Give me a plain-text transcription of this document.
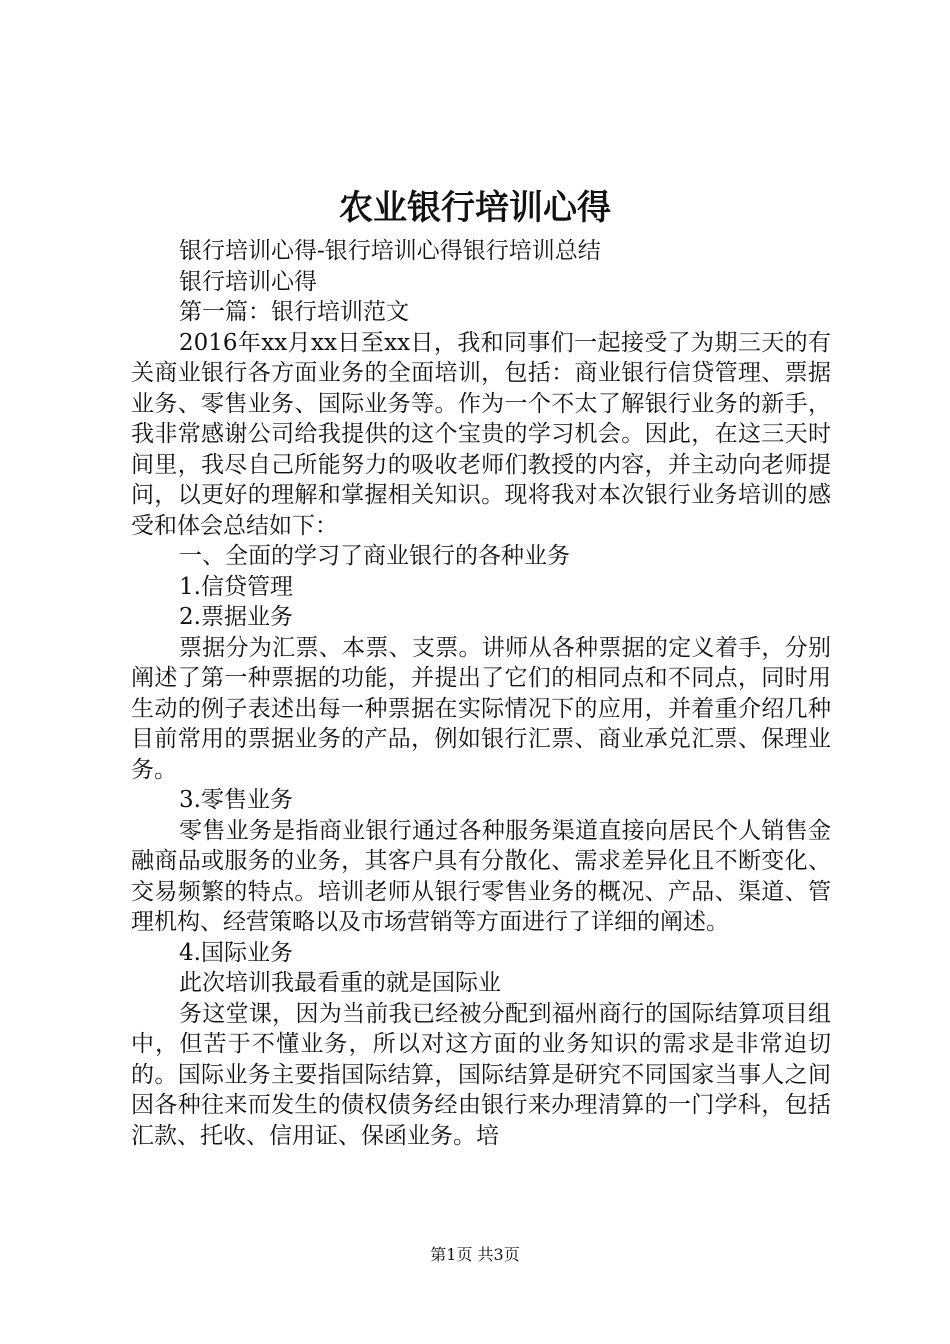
农业银行培训心得

银行培训心得-银行培训心得银行培训总结

银行培训心得

第一篇：银行培训范文

2016年xx月xx日至xx日，我和同事们一起接受了为期三天的有关商业银行各方面业务的全面培训，包括：商业银行信贷管理、票据业务、零售业务、国际业务等。作为一个不太了解银行业务的新手，我非常感谢公司给我提供的这个宝贵的学习机会。因此，在这三天时间里，我尽自己所能努力的吸收老师们教授的内容，并主动向老师提问，以更好的理解和掌握相关知识。现将我对本次银行业务培训的感受和体会总结如下：

一、全面的学习了商业银行的各种业务

1.信贷管理

2.票据业务

票据分为汇票、本票、支票。讲师从各种票据的定义着手，分别阐述了第一种票据的功能，并提出了它们的相同点和不同点，同时用生动的例子表述出每一种票据在实际情况下的应用，并着重介绍几种目前常用的票据业务的产品，例如银行汇票、商业承兑汇票、保理业务。

3.零售业务

零售业务是指商业银行通过各种服务渠道直接向居民个人销售金融商品或服务的业务，其客户具有分散化、需求差异化且不断变化、交易频繁的特点。培训老师从银行零售业务的概况、产品、渠道、管理机构、经营策略以及市场营销等方面进行了详细的阐述。

4.国际业务

此次培训我最看重的就是国际业

务这堂课，因为当前我已经被分配到福州商行的国际结算项目组中，但苦于不懂业务，所以对这方面的业务知识的需求是非常迫切的。国际业务主要指国际结算，国际结算是研究不同国家当事人之间因各种往来而发生的债权债务经由银行来办理清算的一门学科，包括汇款、托收、信用证、保函业务。培

第1页 共3页
